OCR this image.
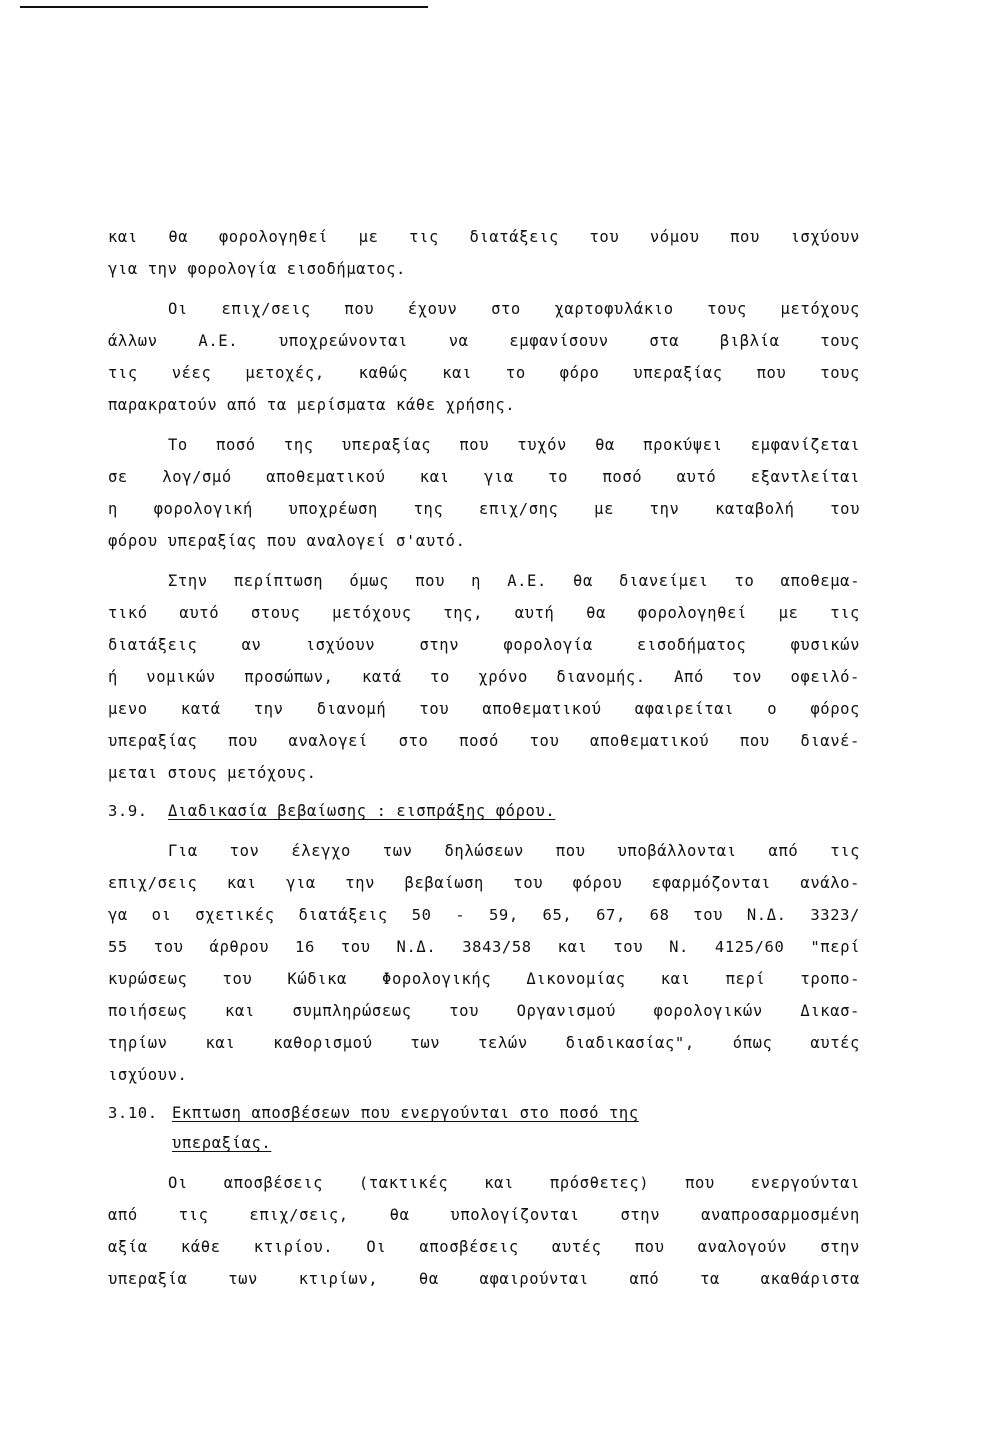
και θα φορολογηθεί με τις διατάξεις του νόμου που ισχύουν
για την φορολογία εισοδήματος.
Οι επιχ/σεις που έχουν στο χαρτοφυλάκιο τους μετόχους
άλλων Α.Ε. υποχρεώνονται να εμφανίσουν στα βιβλία τους
τις νέες μετοχές, καθώς και το φόρο υπεραξίας που τους
παρακρατούν από τα μερίσματα κάθε χρήσης.
Το ποσό της υπεραξίας που τυχόν θα προκύψει εμφανίζεται
σε λογ/σμό αποθεματικού και για το ποσό αυτό εξαντλείται
η φορολογική υποχρέωση της επιχ/σης με την καταβολή του
φόρου υπεραξίας που αναλογεί σ'αυτό.
Στην περίπτωση όμως που η Α.Ε. θα διανείμει το αποθεμα-
τικό αυτό στους μετόχους της, αυτή θα φορολογηθεί με τις
διατάξεις αν ισχύουν στην φορολογία εισοδήματος φυσικών
ή νομικών προσώπων, κατά το χρόνο διανομής. Από τον οφειλό-
μενο κατά την διανομή του αποθεματικού αφαιρείται ο φόρος
υπεραξίας που αναλογεί στο ποσό του αποθεματικού που διανέ-
μεται στους μετόχους.
3.9. Διαδικασία βεβαίωσης : εισπράξης φόρου.
Για τον έλεγχο των δηλώσεων που υποβάλλονται από τις
επιχ/σεις και για την βεβαίωση του φόρου εφαρμόζονται ανάλο-
γα οι σχετικές διατάξεις 50 - 59, 65, 67, 68 του Ν.Δ. 3323/
55 του άρθρου 16 του Ν.Δ. 3843/58 και του Ν. 4125/60 "περί
κυρώσεως του Κώδικα Φορολογικής Δικονομίας και περί τροπο-
ποιήσεως και συμπληρώσεως του Οργανισμού φορολογικών Δικασ-
τηρίων και καθορισμού των τελών διαδικασίας", όπως αυτές
ισχύουν.
3.10. Εκπτωση αποσβέσεων που ενεργούνται στο ποσό της
υπεραξίας.
Οι αποσβέσεις (τακτικές και πρόσθετες) που ενεργούνται
από τις επιχ/σεις, θα υπολογίζονται στην αναπροσαρμοσμένη
αξία κάθε κτιρίου. Οι αποσβέσεις αυτές που αναλογούν στην
υπεραξία των κτιρίων, θα αφαιρούνται από τα ακαθάριστα
